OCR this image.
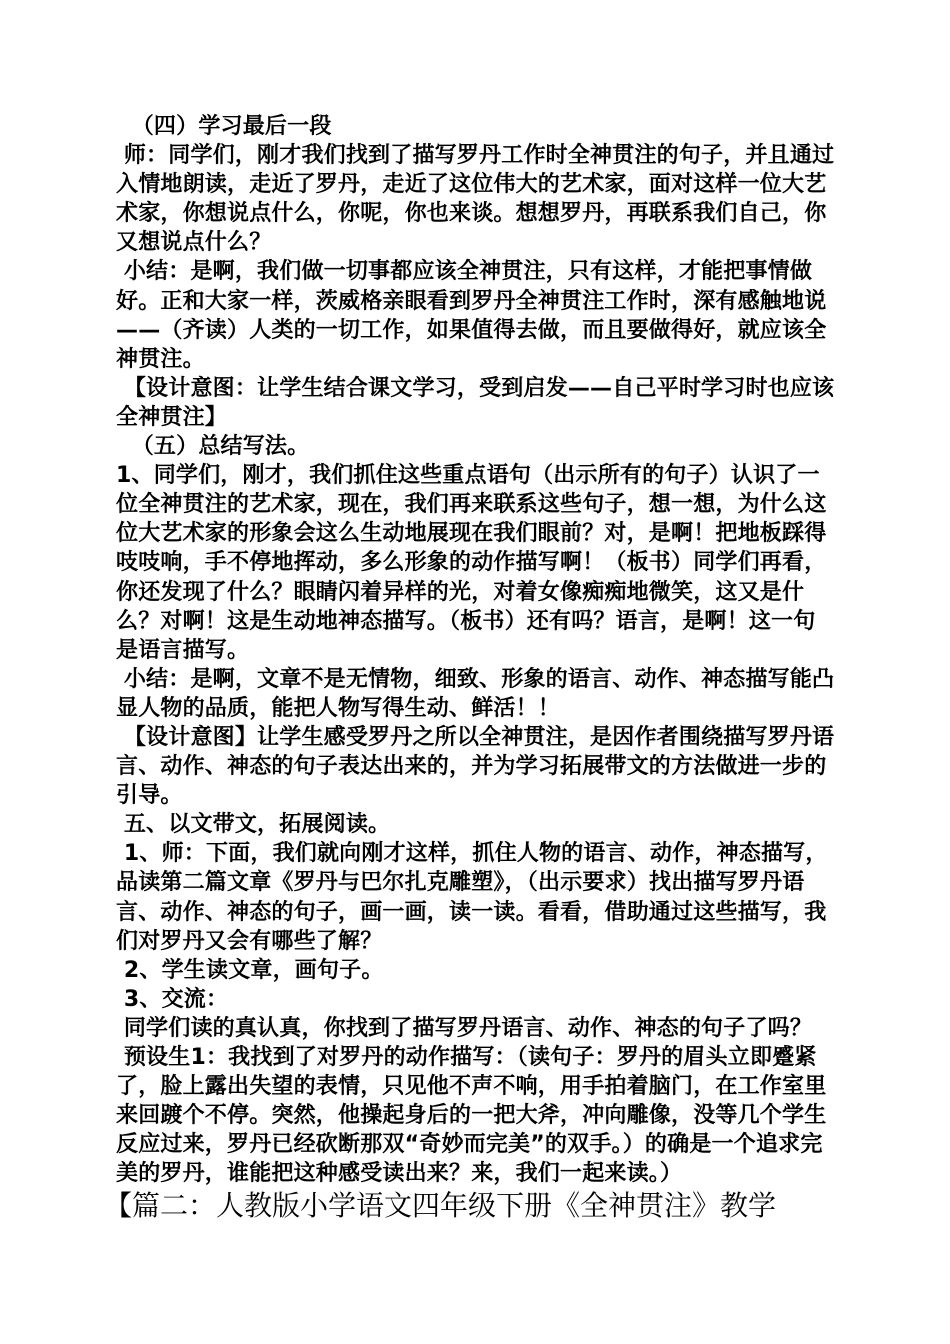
（四）学习最后一段

师：同学们，刚才我们找到了描写罗丹工作时全神贯注的句子，并且通过入情地朗读，走近了罗丹，走近了这位伟大的艺术家，面对这样一位大艺术家，你想说点什么，你呢，你也来谈。想想罗丹，再联系我们自己，你又想说点什么？

小结：是啊，我们做一切事都应该全神贯注，只有这样，才能把事情做好。正和大家一样，茨威格亲眼看到罗丹全神贯注工作时，深有感触地说——（齐读）人类的一切工作，如果值得去做，而且要做得好，就应该全神贯注。

【设计意图：让学生结合课文学习，受到启发——自己平时学习时也应该全神贯注】

（五）总结写法。

1、同学们，刚才，我们抓住这些重点语句（出示所有的句子）认识了一位全神贯注的艺术家，现在，我们再来联系这些句子，想一想，为什么这位大艺术家的形象会这么生动地展现在我们眼前？对，是啊！把地板踩得吱吱响，手不停地挥动，多么形象的动作描写啊！（板书）同学们再看，你还发现了什么？眼睛闪着异样的光，对着女像痴痴地微笑，这又是什么？对啊！这是生动地神态描写。（板书）还有吗？语言，是啊！这一句是语言描写。

小结：是啊，文章不是无情物，细致、形象的语言、动作、神态描写能凸显人物的品质，能把人物写得生动、鲜活！！

【设计意图】让学生感受罗丹之所以全神贯注，是因作者围绕描写罗丹语言、动作、神态的句子表达出来的，并为学习拓展带文的方法做进一步的引导。

五、以文带文，拓展阅读。

1、师：下面，我们就向刚才这样，抓住人物的语言、动作，神态描写，品读第二篇文章《罗丹与巴尔扎克雕塑》，（出示要求）找出描写罗丹语言、动作、神态的句子，画一画，读一读。看看，借助通过这些描写，我们对罗丹又会有哪些了解？

2、学生读文章，画句子。

3、交流：

同学们读的真认真，你找到了描写罗丹语言、动作、神态的句子了吗？

预设生1：我找到了对罗丹的动作描写：（读句子：罗丹的眉头立即蹙紧了，脸上露出失望的表情，只见他不声不响，用手拍着脑门，在工作室里来回踱个不停。突然，他操起身后的一把大斧，冲向雕像，没等几个学生反应过来，罗丹已经砍断那双“奇妙而完美”的双手。）的确是一个追求完美的罗丹，谁能把这种感受读出来？来，我们一起来读。）

【篇二：人教版小学语文四年级下册《全神贯注》教学
